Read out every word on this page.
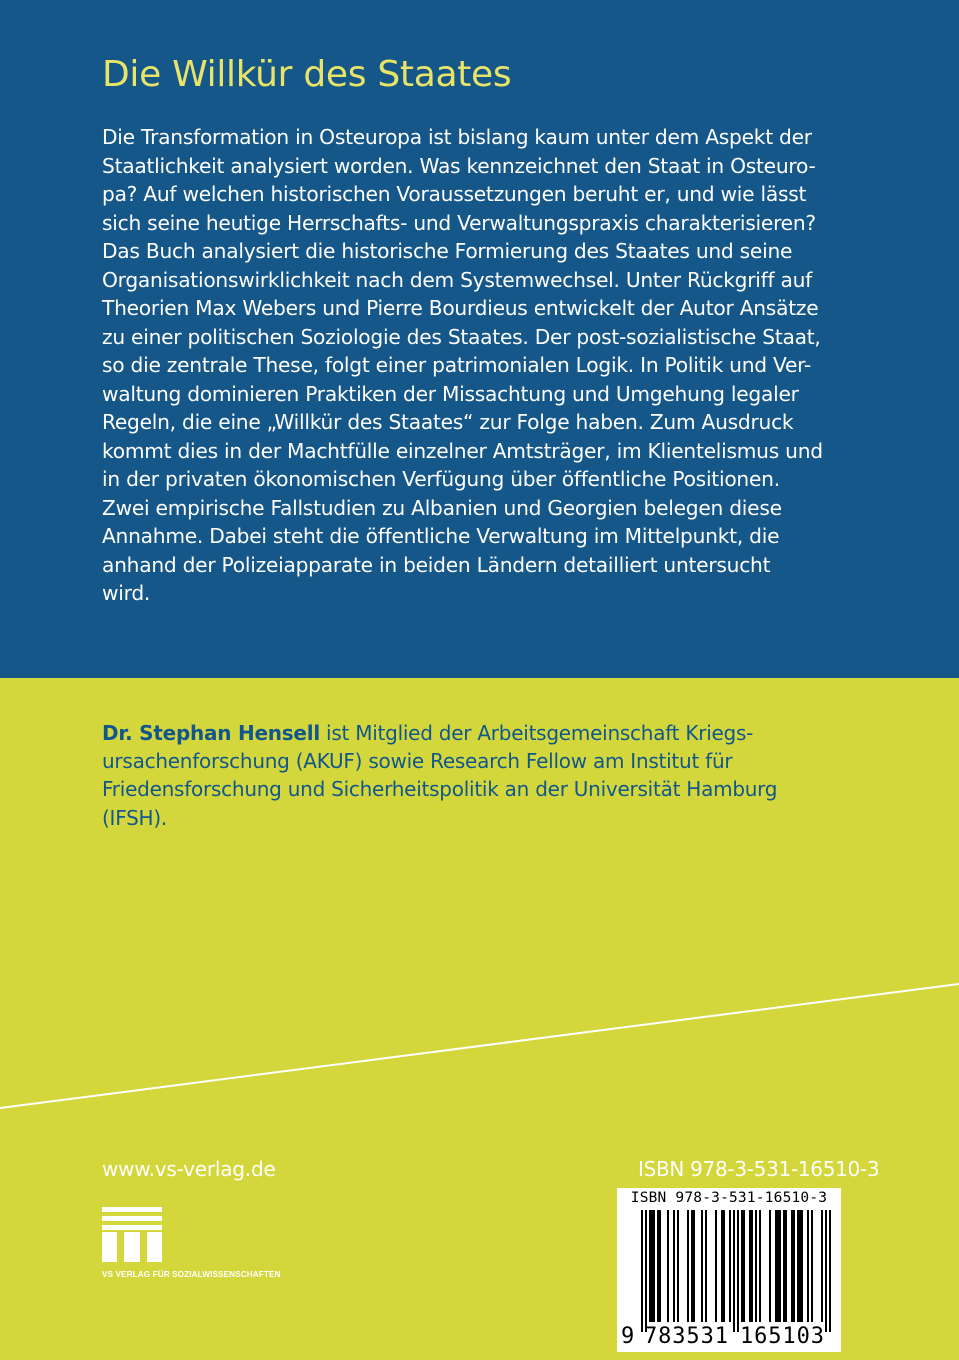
Die Willkür des Staates
Die Transformation in Osteuropa ist bislang kaum unter dem Aspekt der
Staatlichkeit analysiert worden. Was kennzeichnet den Staat in Osteuro-
pa? Auf welchen historischen Voraussetzungen beruht er, und wie lässt
sich seine heutige Herrschafts- und Verwaltungspraxis charakterisieren?
Das Buch analysiert die historische Formierung des Staates und seine
Organisationswirklichkeit nach dem Systemwechsel. Unter Rückgriff auf
Theorien Max Webers und Pierre Bourdieus entwickelt der Autor Ansätze
zu einer politischen Soziologie des Staates. Der post-sozialistische Staat,
so die zentrale These, folgt einer patrimonialen Logik. In Politik und Ver-
waltung dominieren Praktiken der Missachtung und Umgehung legaler
Regeln, die eine „Willkür des Staates“ zur Folge haben. Zum Ausdruck
kommt dies in der Machtfülle einzelner Amtsträger, im Klientelismus und
in der privaten ökonomischen Verfügung über öffentliche Positionen.
Zwei empirische Fallstudien zu Albanien und Georgien belegen diese
Annahme. Dabei steht die öffentliche Verwaltung im Mittelpunkt, die
anhand der Polizeiapparate in beiden Ländern detailliert untersucht
wird.
Dr. Stephan Hensell ist Mitglied der Arbeitsgemeinschaft Kriegs-
ursachenforschung (AKUF) sowie Research Fellow am Institut für
Friedensforschung und Sicherheitspolitik an der Universität Hamburg
(IFSH).
www.vs-verlag.de	ISBN 978-3-531-16510-3
VS VERLAG FÜR SOZIALWISSENSCHAFTEN
ISBN 978-3-531-16510-3
9 783531 165103
